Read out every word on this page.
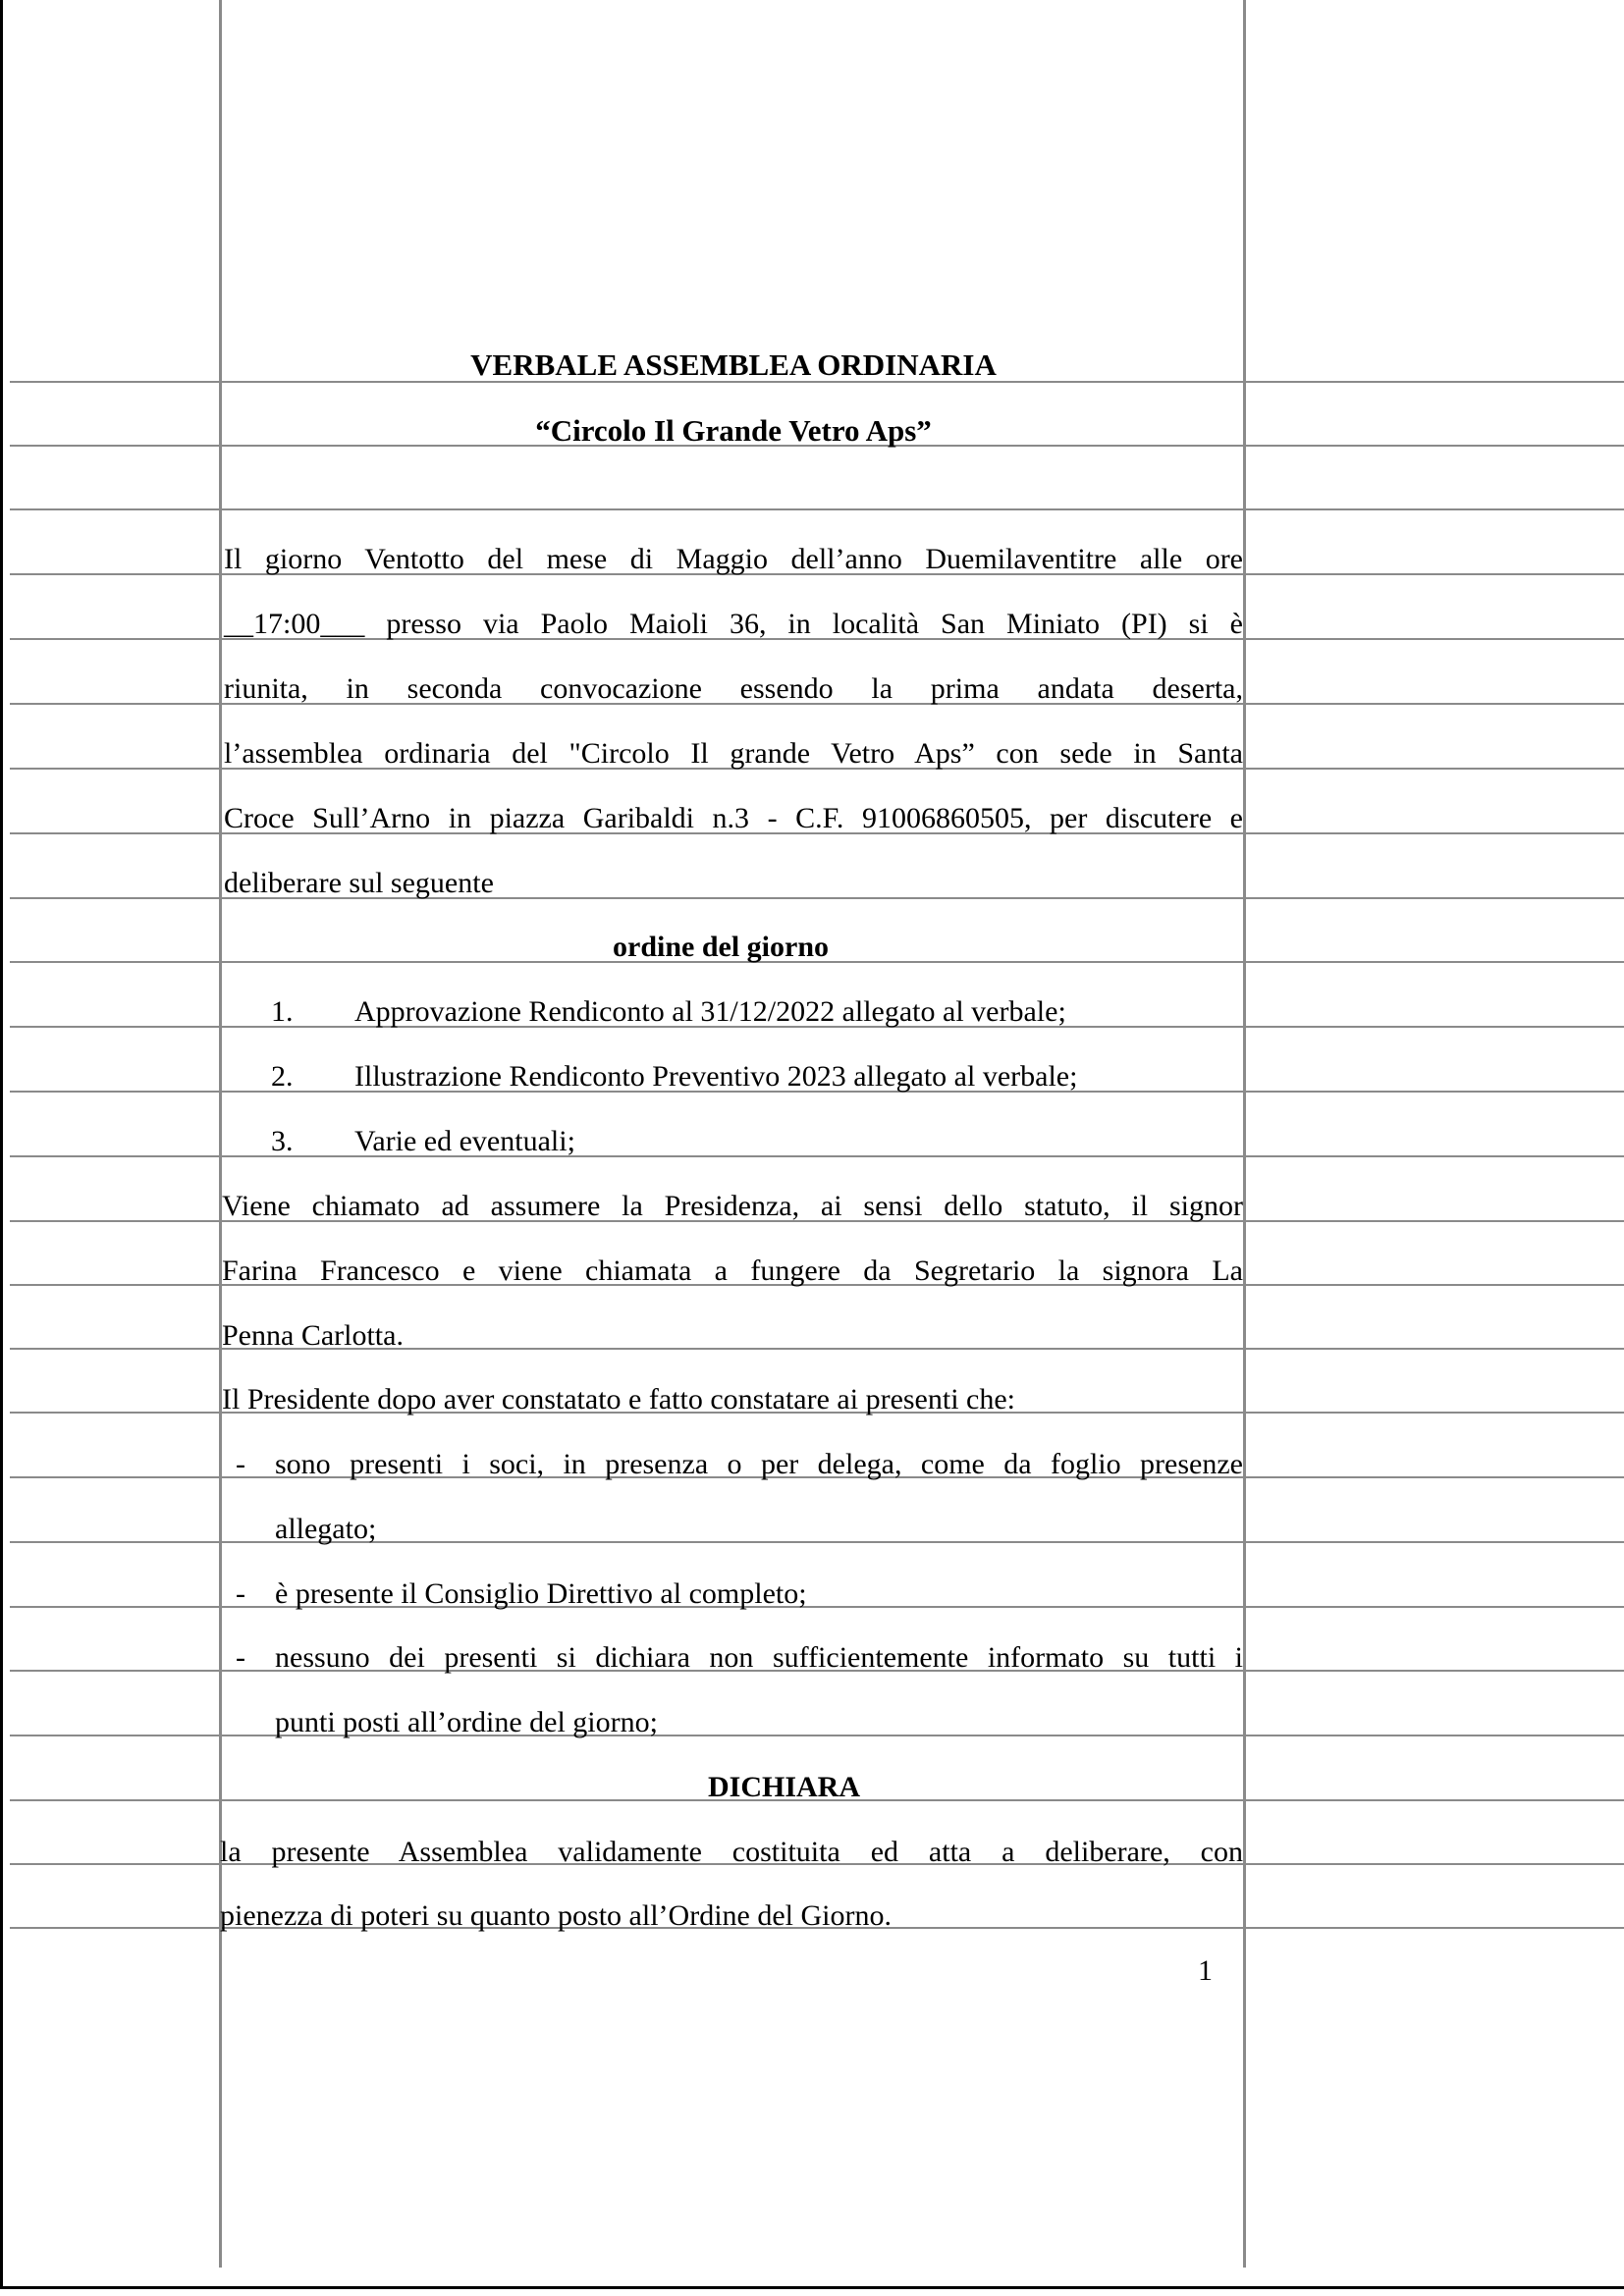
VERBALE ASSEMBLEA ORDINARIA
“Circolo Il Grande Vetro Aps”
Il giorno Ventotto del mese di Maggio dell’anno Duemilaventitre alle ore
__17:00___ presso via Paolo Maioli 36, in località San Miniato (PI) si è
riunita, in seconda convocazione essendo la prima andata deserta,
l’assemblea ordinaria del "Circolo Il grande Vetro Aps” con sede in Santa
Croce Sull’Arno in piazza Garibaldi n.3 - C.F. 91006860505, per discutere e
deliberare sul seguente
ordine del giorno
1. Approvazione Rendiconto al 31/12/2022 allegato al verbale;
2. Illustrazione Rendiconto Preventivo 2023 allegato al verbale;
3. Varie ed eventuali;
Viene chiamato ad assumere la Presidenza, ai sensi dello statuto, il signor
Farina Francesco e viene chiamata a fungere da Segretario la signora La
Penna Carlotta.
Il Presidente dopo aver constatato e fatto constatare ai presenti che:
- sono presenti i soci, in presenza o per delega, come da foglio presenze
allegato;
- è presente il Consiglio Direttivo al completo;
- nessuno dei presenti si dichiara non sufficientemente informato su tutti i
punti posti all’ordine del giorno;
DICHIARA
la presente Assemblea validamente costituita ed atta a deliberare, con
pienezza di poteri su quanto posto all’Ordine del Giorno.
1
